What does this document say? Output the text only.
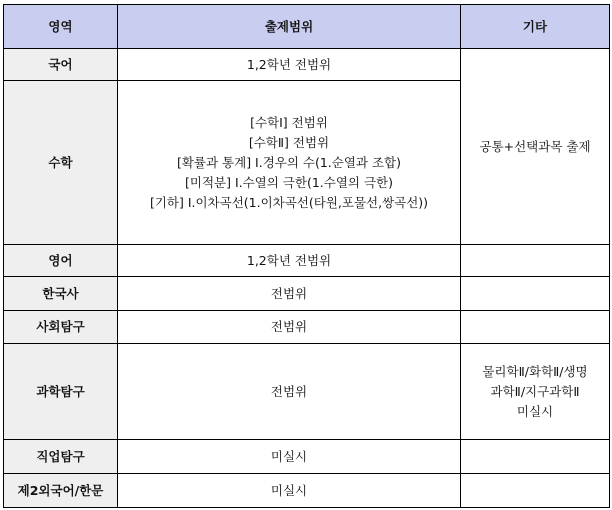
영역	출제범위	기타
국어	1,2학년 전범위	공통+선택과목 출제

수학	[수학Ⅰ] 전범위
[수학Ⅱ] 전범위
[확률과 통계] Ⅰ.경우의 수(1.순열과 조합)
[미적분] Ⅰ.수열의 극한(1.수열의 극한)
[기하] Ⅰ.이차곡선(1.이차곡선(타원,포물선,쌍곡선))	

영어	1,2학년 전범위	

한국사	전범위	

사회탐구	전범위	

과학탐구	전범위	물리학Ⅱ/화학Ⅱ/생명
과학Ⅱ/지구과학Ⅱ
미실시

직업탐구	미실시	

제2외국어/한문	미실시	
